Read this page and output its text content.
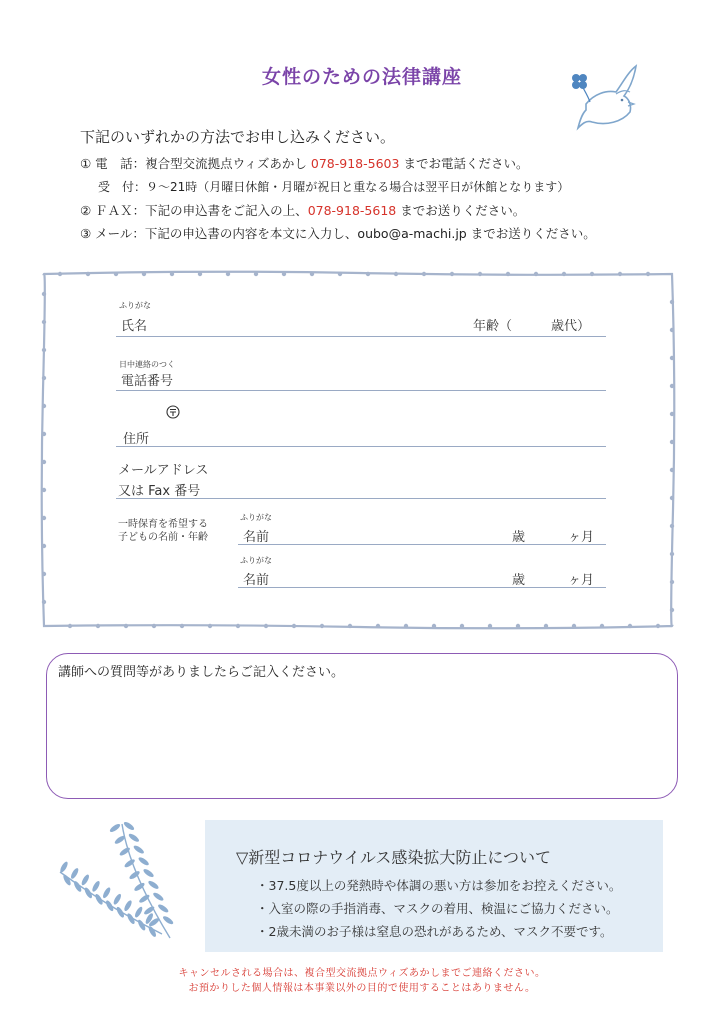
女性のための法律講座
下記のいずれかの方法でお申し込みください。
① 電　話：複合型交流拠点ウィズあかし 078-918-5603 までお電話ください。
受　付：９～21時（月曜日休館・月曜が祝日と重なる場合は翌平日が休館となります）
② ＦＡＸ：下記の申込書をご記入の上、078-918-5618 までお送りください。
③ メール：下記の申込書の内容を本文に入力し、oubo@a-machi.jp までお送りください。
ふりがな
氏名	年齢（　　　歳代）
日中連絡のつく
電話番号
住所
メールアドレス
又は Fax 番号
一時保育を希望する
子どもの名前・年齢
ふりがな
名前	歳	ヶ月
ふりがな
名前	歳	ヶ月
講師への質問等がありましたらご記入ください。
▽新型コロナウイルス感染拡大防止について
・37.5度以上の発熱時や体調の悪い方は参加をお控えください。
・入室の際の手指消毒、マスクの着用、検温にご協力ください。
・2歳未満のお子様は窒息の恐れがあるため、マスク不要です。
キャンセルされる場合は、複合型交流拠点ウィズあかしまでご連絡ください。
お預かりした個人情報は本事業以外の目的で使用することはありません。
